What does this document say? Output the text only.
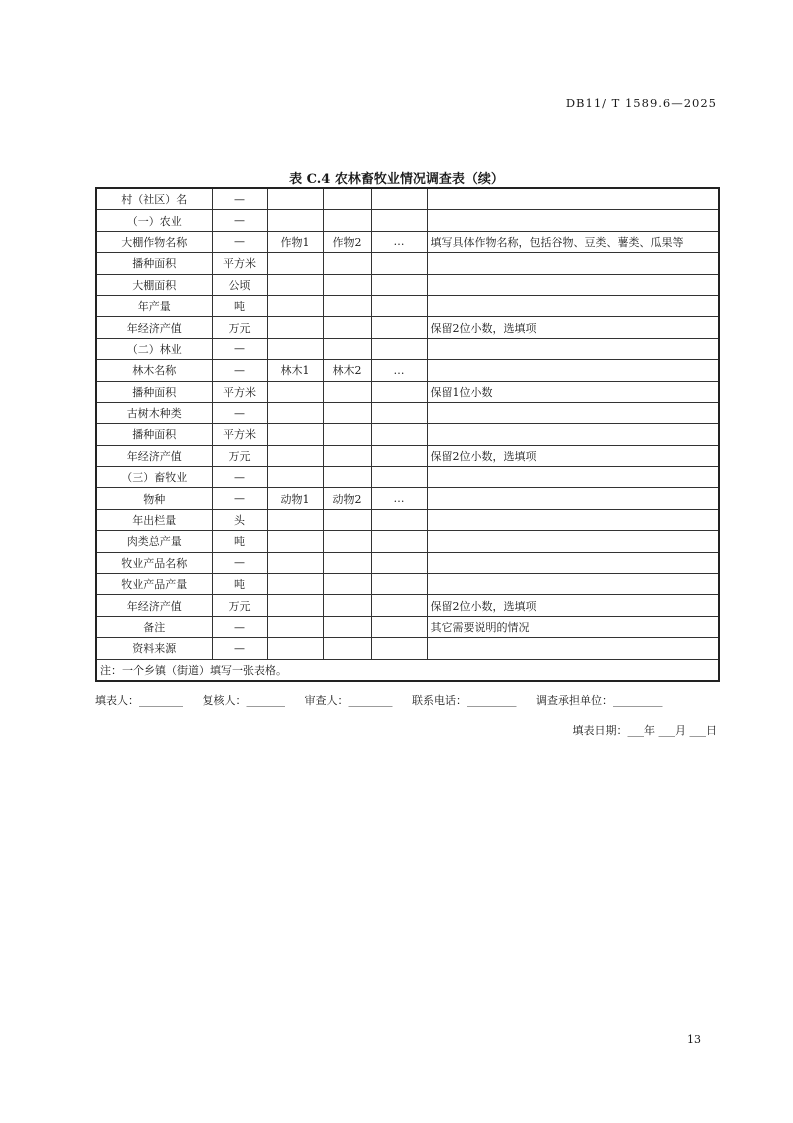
DB11/ T 1589.6—2025
表 C.4 农林畜牧业情况调查表（续）
村（社区）名	—				
（一）农业	—				
大棚作物名称	—	作物1	作物2	…	填写具体作物名称，包括谷物、豆类、薯类、瓜果等
播种面积	平方米				
大棚面积	公顷				
年产量	吨				
年经济产值	万元				保留2位小数，选填项
（二）林业	—				
林木名称	—	林木1	林木2	…	
播种面积	平方米				保留1位小数
古树木种类	—				
播种面积	平方米				
年经济产值	万元				保留2位小数，选填项
（三）畜牧业	—				
物种	—	动物1	动物2	…	
年出栏量	头				
肉类总产量	吨				
牧业产品名称	—				
牧业产品产量	吨				
年经济产值	万元				保留2位小数，选填项
备注	—				其它需要说明的情况
资料来源	—				
注：一个乡镇（街道）填写一张表格。					
填表人：________ 复核人：_______ 审查人：________ 联系电话：_________ 调查承担单位：_________
填表日期：___年 ___月 ___日
13
